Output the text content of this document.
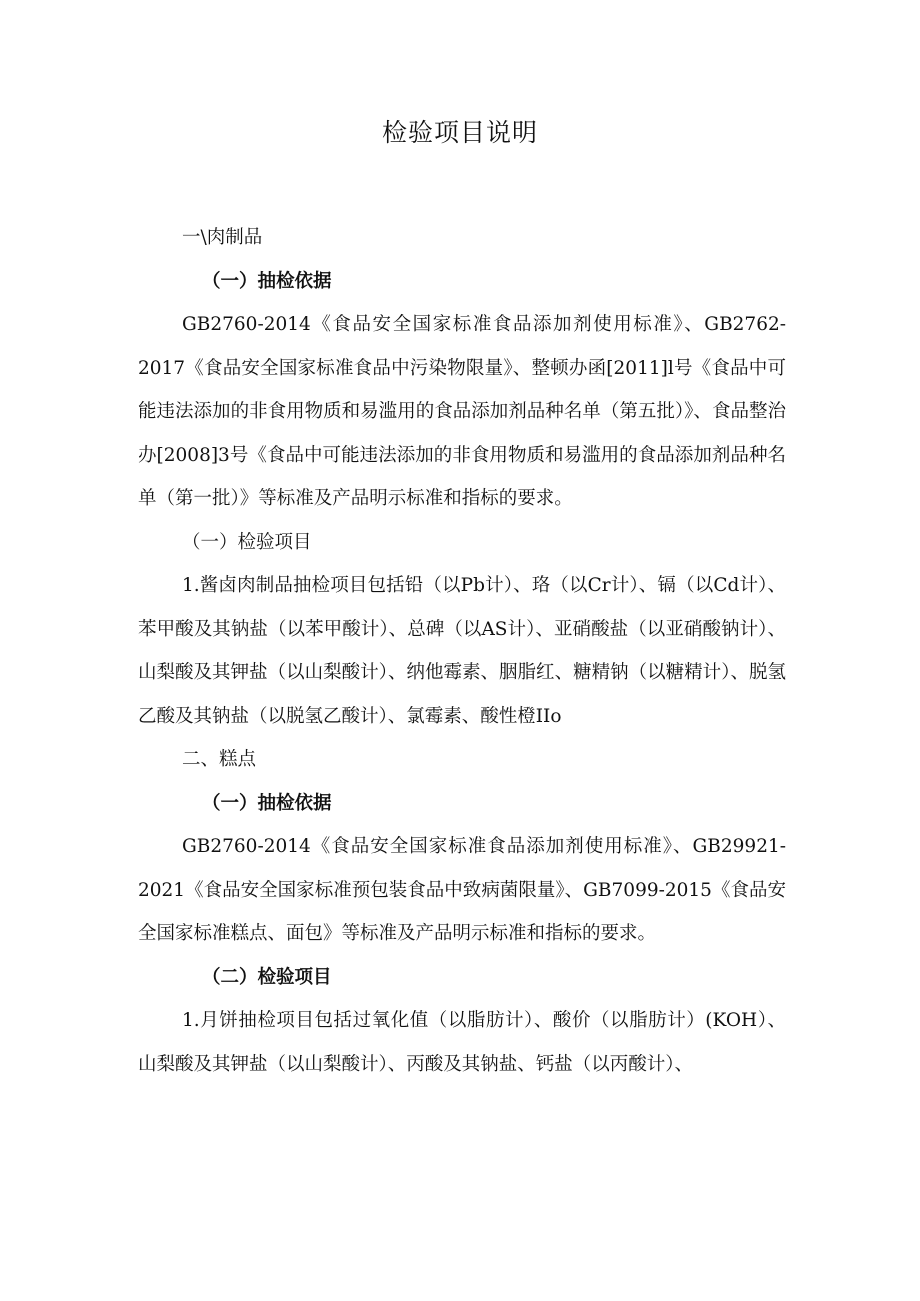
检验项目说明

一\肉制品

（一）抽检依据

GB2760-2014《食品安全国家标准食品添加剂使用标准》、GB2762-2017《食品安全国家标准食品中污染物限量》、整顿办函[2011]l号《食品中可能违法添加的非食用物质和易滥用的食品添加剂品种名单（第五批）》、食品整治办[2008]3号《食品中可能违法添加的非食用物质和易滥用的食品添加剂品种名单（第一批）》等标准及产品明示标准和指标的要求。

（一）检验项目

1.酱卤肉制品抽检项目包括铅（以Pb计）、珞（以Cr计）、镉（以Cd计）、苯甲酸及其钠盐（以苯甲酸计）、总碑（以AS计）、亚硝酸盐（以亚硝酸钠计）、山梨酸及其钾盐（以山梨酸计）、纳他霉素、胭脂红、糖精钠（以糖精计）、脱氢乙酸及其钠盐（以脱氢乙酸计）、氯霉素、酸性橙IIo

二、糕点

（一）抽检依据

GB2760-2014《食品安全国家标准食品添加剂使用标准》、GB29921-2021《食品安全国家标准预包装食品中致病菌限量》、GB7099-2015《食品安全国家标准糕点、面包》等标准及产品明示标准和指标的要求。

（二）检验项目

1.月饼抽检项目包括过氧化值（以脂肪计）、酸价（以脂肪计）(KOH）、山梨酸及其钾盐（以山梨酸计）、丙酸及其钠盐、钙盐（以丙酸计）、
